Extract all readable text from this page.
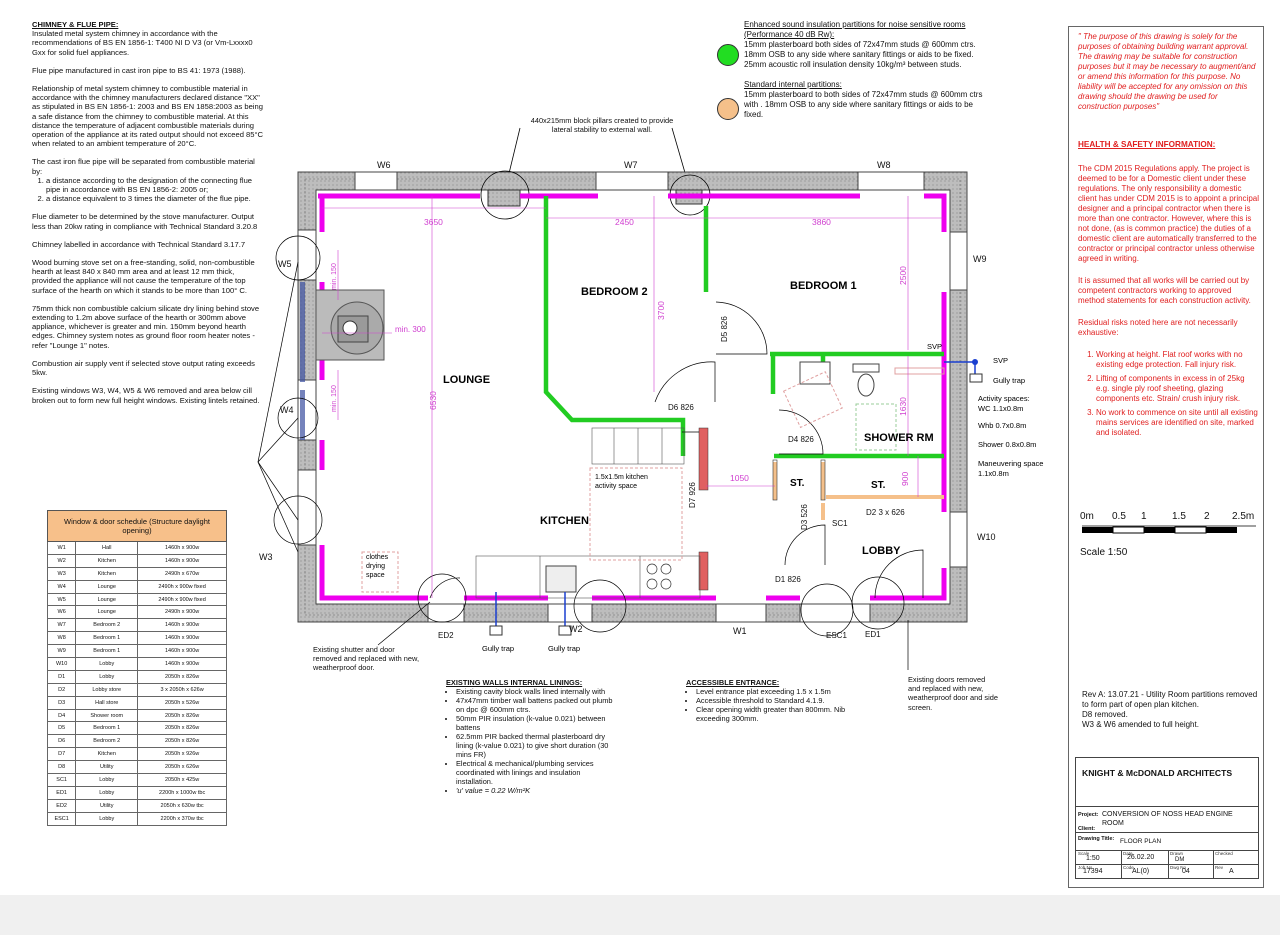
CHIMNEY & FLUE PIPE:

Insulated metal system chimney in accordance with the recommendations of BS EN 1856-1: T400 NI D V3 (or Vm-Lxxxx0 Gxx for solid fuel appliances.

Flue pipe manufactured in cast iron pipe to BS 41: 1973 (1988).

Relationship of metal system chimney to combustible material in accordance with the chimney manufacturers declared distance "XX" as stipulated in BS EN 1856-1: 2003 and BS EN 1858:2003 as being a safe distance from the chimney to combustible material. At this distance the temperature of adjacent combustible materials during operation of the appliance at its rated output should not exceed 85°C when related to an ambient temperature of 20°C.

The cast iron flue pipe will be separated from combustible material by:

1. a distance according to the designation of the connecting flue pipe in accordance with BS EN 1856-2: 2005 or;
2. a distance equivalent to 3 times the diameter of the flue pipe.

Flue diameter to be determined by the stove manufacturer. Output less than 20kw rating in compliance with Technical Standard 3.20.8

Chimney labelled in accordance with Technical Standard 3.17.7

Wood burning stove set on a free-standing, solid, non-combustible hearth at least 840 x 840 mm area and at least 12 mm thick, provided the appliance will not cause the temperature of the top surface of the hearth on which it stands to be more than 100° C.

75mm thick non combustible calcium silicate dry lining behind stove extending to 1.2m above surface of the hearth or 300mm above appliance, whichever is greater and min. 150mm beyond hearth edges. Chimney system notes as ground floor room heater notes - refer "Lounge 1" notes.

Combustion air supply vent if selected stove output rating exceeds 5kw.

Existing windows W3, W4, W5 & W6 removed and area below cill broken out to form new full height windows. Existing lintels retained.

Window & door schedule (Structure daylight opening)		
W1	Hall	1460h x 900w
W2	Kitchen	1460h x 900w
W3	Kitchen	2490h x 670w
W4	Lounge	2490h x 900w fixed
W5	Lounge	2490h x 900w fixed
W6	Lounge	2490h x 900w
W7	Bedroom 2	1460h x 900w
W8	Bedroom 1	1460h x 900w
W9	Bedroom 1	1460h x 900w
W10	Lobby	1460h x 900w
D1	Lobby	2050h x 826w
D2	Lobby store	3 x 2050h x 626w
D3	Hall store	2050h x 526w
D4	Shower room	2050h x 826w
D5	Bedroom 1	2050h x 826w
D6	Bedroom 2	2050h x 826w
D7	Kitchen	2050h x 926w
D8	Utility	2050h x 626w
SC1	Lobby	2050h x 425w
ED1	Lobby	2200h x 1000w tbc
ED2	Utility	2050h x 630w tbc
ESC1	Lobby	2200h x 370w tbc
Enhanced sound insulation partitions for noise sensitive rooms (Performance 40 dB Rw):
15mm plasterboard both sides of 72x47mm studs @ 600mm ctrs. 18mm OSB to any side where sanitary fittings or aids to be fixed. 25mm acoustic roll insulation density 10kg/m³ between studs.
Standard internal partitions:
15mm plasterboard to both sides of 72x47mm studs @ 600mm ctrs with . 18mm OSB to any side where sanitary fittings or aids to be fixed.
LOUNGE
BEDROOM 2	BEDROOM 1
KITCHEN
SHOWER RM
ST.	ST.
LOBBY
3650	2450	3860
2500
3700
6530	1630
900
1050
min. 300
min. 150
min. 150
W6	W7	W8
W9
W10
W5
W4
W3
W1
W2
D1 826
D2 3 x 626
D3 526
D4 826
D5 826
D6 826
D7 926
SC1
ESC1 ED1
ED2
SVP
SVP
Gully trap
Gully trap	Gully trap
1.5x1.5m kitchen activity space
clothes drying space
Activity spaces:
WC 1.1x0.8m
Whb 0.7x0.8m
Shower 0.8x0.8m
Maneuvering space
1.1x0.8m
440x215mm block pillars created to provide lateral stability to external wall.
Existing shutter and door removed and replaced with new, weatherproof door.
Existing doors removed and replaced with new, weatherproof door and side screen.
EXISTING WALLS INTERNAL LININGS:
• Existing cavity block walls lined internally with
• 47x47mm timber wall battens packed out plumb on dpc @ 600mm ctrs.
• 50mm PIR insulation (k-value 0.021) between battens
• 62.5mm PIR backed thermal plasterboard dry lining (k-value 0.021) to give short duration (30 mins FR)
• Electrical & mechanical/plumbing services coordinated with linings and insulation installation.
• 'u' value = 0.22 W/m²K
ACCESSIBLE ENTRANCE:
• Level entrance plat exceeding 1.5 x 1.5m
• Accessible threshold to Standard 4.1.9.
• Clear opening width greater than 800mm. Nib exceeding 300mm.
" The purpose of this drawing is solely for the purposes of obtaining building warrant approval. The drawing may be suitable for construction purposes but it may be necessary to augment/and or amend this information for this purpose. No liability will be accepted for any omission on this drawing should the drawing be used for construction purposes"

HEALTH & SAFETY INFORMATION:

The CDM 2015 Regulations apply. The project is deemed to be for a Domestic client under these regulations. The only responsibility a domestic client has under CDM 2015 is to appoint a principal designer and a principal contractor when there is more than one contractor. However, where this is not done, (as is common practice) the duties of a domestic client are automatically transferred to the contractor or principal contractor unless otherwise agreed in writing.

It is assumed that all works will be carried out by competent contractors working to approved method statements for each construction activity.

Residual risks noted here are not necessarily exhaustive:

1. Working at height. Flat roof works with no existing edge protection. Fall injury risk.
2. Lifting of components in excess in of 25kg e.g. single ply roof sheeting, glazing components etc. Strain/ crush injury risk.
3. No work to commence on site until all existing mains services are identified on site, marked and isolated.
0m 0.5 1	1.5 2 2.5m
Scale 1:50
Rev A: 13.07.21 - Utility Room partitions removed to form part of open plan kitchen.
D8 removed.
W3 & W6 amended to full height.
KNIGHT & McDONALD ARCHITECTS
Project: CONVERSION OF NOSS HEAD ENGINE ROOM
Client:
Drawing Title: FLOOR PLAN
Scale
1:50
Date
26.02.20
Drawn
DM
Checked
Job No
17394
Code
AL(0)
Dwg No
04
Rev
A
